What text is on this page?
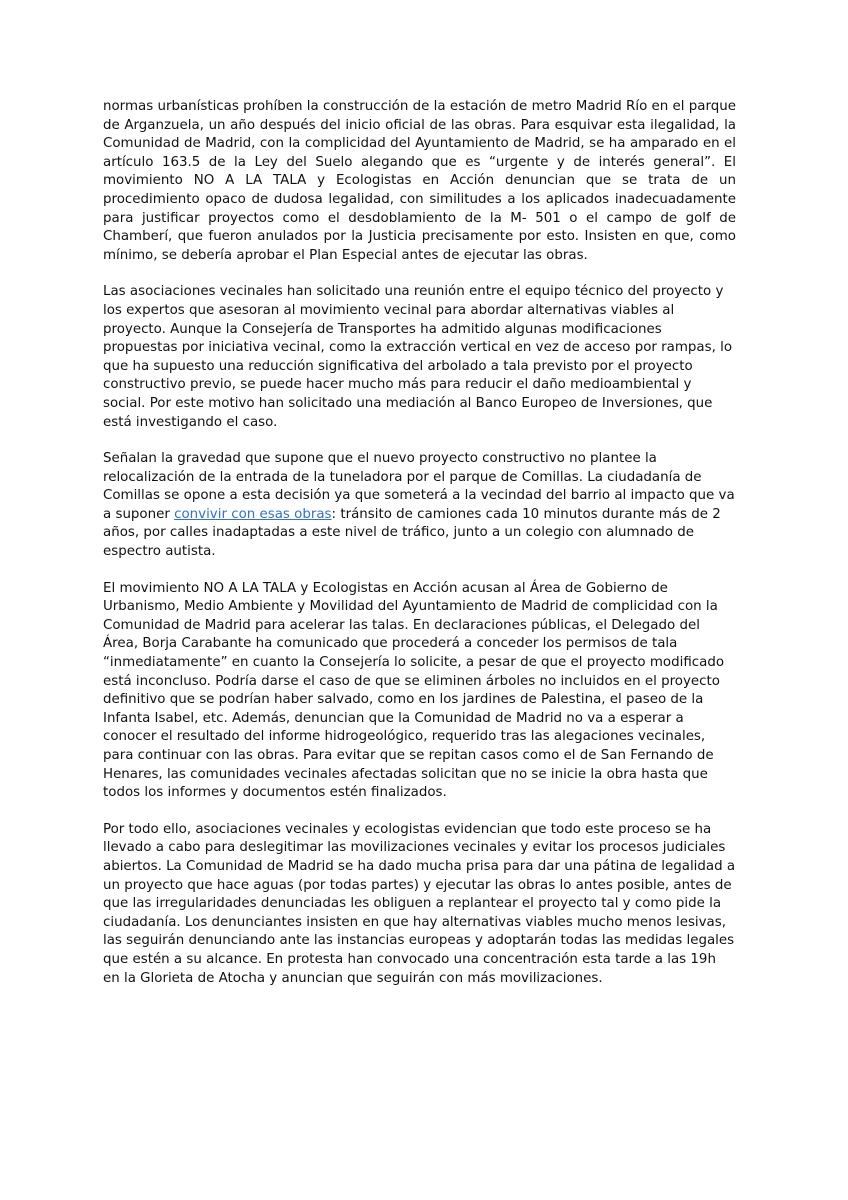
normas urbanísticas prohíben la construcción de la estación de metro Madrid Río en el parque de Arganzuela, un año después del inicio oficial de las obras. Para esquivar esta ilegalidad, la Comunidad de Madrid, con la complicidad del Ayuntamiento de Madrid, se ha amparado en el artículo 163.5 de la Ley del Suelo alegando que es “urgente y de interés general”. El movimiento NO A LA TALA y Ecologistas en Acción denuncian que se trata de un procedimiento opaco de dudosa legalidad, con similitudes a los aplicados inadecuadamente para justificar proyectos como el desdoblamiento de la M- 501 o el campo de golf de Chamberí, que fueron anulados por la Justicia precisamente por esto. Insisten en que, como mínimo, se debería aprobar el Plan Especial antes de ejecutar las obras.

Las asociaciones vecinales han solicitado una reunión entre el equipo técnico del proyecto y los expertos que asesoran al movimiento vecinal para abordar alternativas viables al proyecto. Aunque la Consejería de Transportes ha admitido algunas modificaciones propuestas por iniciativa vecinal, como la extracción vertical en vez de acceso por rampas, lo que ha supuesto una reducción significativa del arbolado a tala previsto por el proyecto constructivo previo, se puede hacer mucho más para reducir el daño medioambiental y social. Por este motivo han solicitado una mediación al Banco Europeo de Inversiones, que está investigando el caso.

Señalan la gravedad que supone que el nuevo proyecto constructivo no plantee la relocalización de la entrada de la tuneladora por el parque de Comillas. La ciudadanía de Comillas se opone a esta decisión ya que someterá a la vecindad del barrio al impacto que va a suponer convivir con esas obras: tránsito de camiones cada 10 minutos durante más de 2 años, por calles inadaptadas a este nivel de tráfico, junto a un colegio con alumnado de espectro autista.

El movimiento NO A LA TALA y Ecologistas en Acción acusan al Área de Gobierno de Urbanismo, Medio Ambiente y Movilidad del Ayuntamiento de Madrid de complicidad con la Comunidad de Madrid para acelerar las talas. En declaraciones públicas, el Delegado del Área, Borja Carabante ha comunicado que procederá a conceder los permisos de tala “inmediatamente” en cuanto la Consejería lo solicite, a pesar de que el proyecto modificado está inconcluso. Podría darse el caso de que se eliminen árboles no incluidos en el proyecto definitivo que se podrían haber salvado, como en los jardines de Palestina, el paseo de la Infanta Isabel, etc. Además, denuncian que la Comunidad de Madrid no va a esperar a conocer el resultado del informe hidrogeológico, requerido tras las alegaciones vecinales, para continuar con las obras. Para evitar que se repitan casos como el de San Fernando de Henares, las comunidades vecinales afectadas solicitan que no se inicie la obra hasta que todos los informes y documentos estén finalizados.

Por todo ello, asociaciones vecinales y ecologistas evidencian que todo este proceso se ha llevado a cabo para deslegitimar las movilizaciones vecinales y evitar los procesos judiciales abiertos. La Comunidad de Madrid se ha dado mucha prisa para dar una pátina de legalidad a un proyecto que hace aguas (por todas partes) y ejecutar las obras lo antes posible, antes de que las irregularidades denunciadas les obliguen a replantear el proyecto tal y como pide la ciudadanía. Los denunciantes insisten en que hay alternativas viables mucho menos lesivas, las seguirán denunciando ante las instancias europeas y adoptarán todas las medidas legales que estén a su alcance. En protesta han convocado una concentración esta tarde a las 19h en la Glorieta de Atocha y anuncian que seguirán con más movilizaciones.
